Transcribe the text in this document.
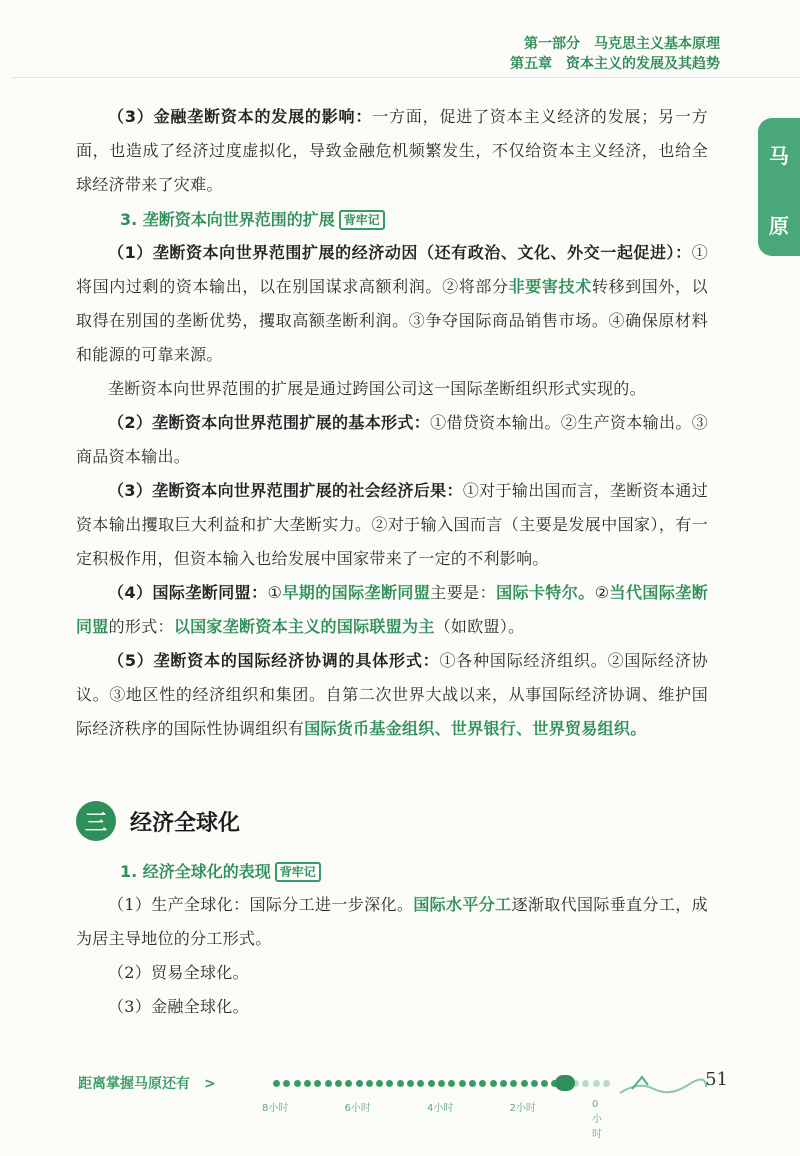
第一部分　马克思主义基本原理
第五章　资本主义的发展及其趋势
马
原

（3）金融垄断资本的发展的影响：一方面，促进了资本主义经济的发展；另一方面，也造成了经济过度虚拟化，导致金融危机频繁发生，不仅给资本主义经济，也给全球经济带来了灾难。

3. 垄断资本向世界范围的扩展 背牢记

（1）垄断资本向世界范围扩展的经济动因（还有政治、文化、外交一起促进）：①将国内过剩的资本输出，以在别国谋求高额利润。②将部分非要害技术转移到国外，以取得在别国的垄断优势，攫取高额垄断利润。③争夺国际商品销售市场。④确保原材料和能源的可靠来源。

垄断资本向世界范围的扩展是通过跨国公司这一国际垄断组织形式实现的。

（2）垄断资本向世界范围扩展的基本形式：①借贷资本输出。②生产资本输出。③商品资本输出。

（3）垄断资本向世界范围扩展的社会经济后果：①对于输出国而言，垄断资本通过资本输出攫取巨大利益和扩大垄断实力。②对于输入国而言（主要是发展中国家），有一定积极作用，但资本输入也给发展中国家带来了一定的不利影响。

（4）国际垄断同盟：①早期的国际垄断同盟主要是：国际卡特尔。②当代国际垄断同盟的形式：以国家垄断资本主义的国际联盟为主（如欧盟）。

（5）垄断资本的国际经济协调的具体形式：①各种国际经济组织。②国际经济协议。③地区性的经济组织和集团。自第二次世界大战以来，从事国际经济协调、维护国际经济秩序的国际性协调组织有国际货币基金组织、世界银行、世界贸易组织。

三	经济全球化
1. 经济全球化的表现 背牢记

（1）生产全球化：国际分工进一步深化。国际水平分工逐渐取代国际垂直分工，成为居主导地位的分工形式。

（2）贸易全球化。

（3）金融全球化。

距离掌握马原还有　>
8小时	6小时	4小时	2小时	0小时
51
